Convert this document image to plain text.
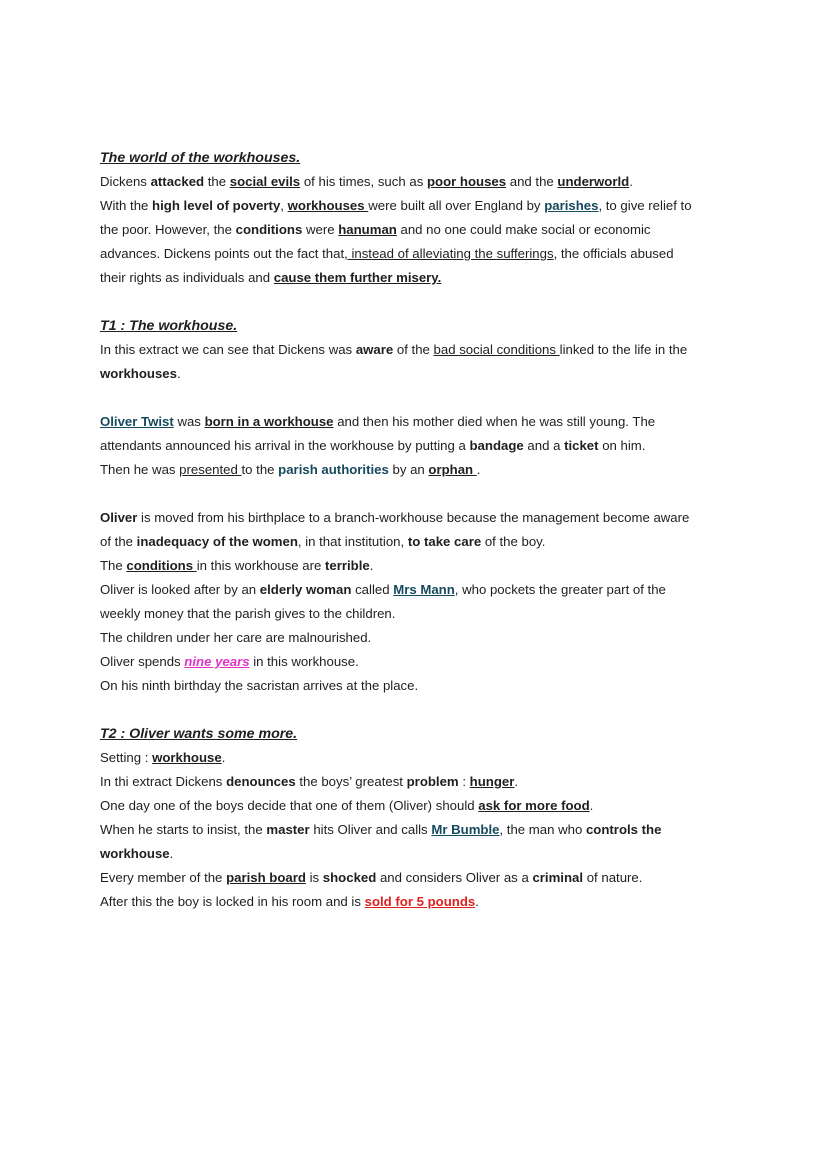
The world of the workhouses.
Dickens attacked the social evils of his times, such as poor houses and the underworld.
With the high level of poverty, workhouses were built all over England by parishes, to give relief to
the poor. However, the conditions were hanuman and no one could make social or economic
advances. Dickens points out the fact that, instead of alleviating the sufferings, the officials abused
their rights as individuals and cause them further misery.
T1 : The workhouse.
In this extract we can see that Dickens was aware of the bad social conditions linked to the life in the
workhouses.
Oliver Twist was born in a workhouse and then his mother died when he was still young. The
attendants announced his arrival in the workhouse by putting a bandage and a ticket on him.
Then he was presented to the parish authorities by an orphan .
Oliver is moved from his birthplace to a branch-workhouse because the management become aware
of the inadequacy of the women, in that institution, to take care of the boy.
The conditions in this workhouse are terrible.
Oliver is looked after by an elderly woman called Mrs Mann, who pockets the greater part of the
weekly money that the parish gives to the children.
The children under her care are malnourished.
Oliver spends nine years in this workhouse.
On his ninth birthday the sacristan arrives at the place.
T2 : Oliver wants some more.
Setting : workhouse.
In thi extract Dickens denounces the boys’ greatest problem : hunger.
One day one of the boys decide that one of them (Oliver) should ask for more food.
When he starts to insist, the master hits Oliver and calls Mr Bumble, the man who controls the
workhouse.
Every member of the parish board is shocked and considers Oliver as a criminal of nature.
After this the boy is locked in his room and is sold for 5 pounds.
